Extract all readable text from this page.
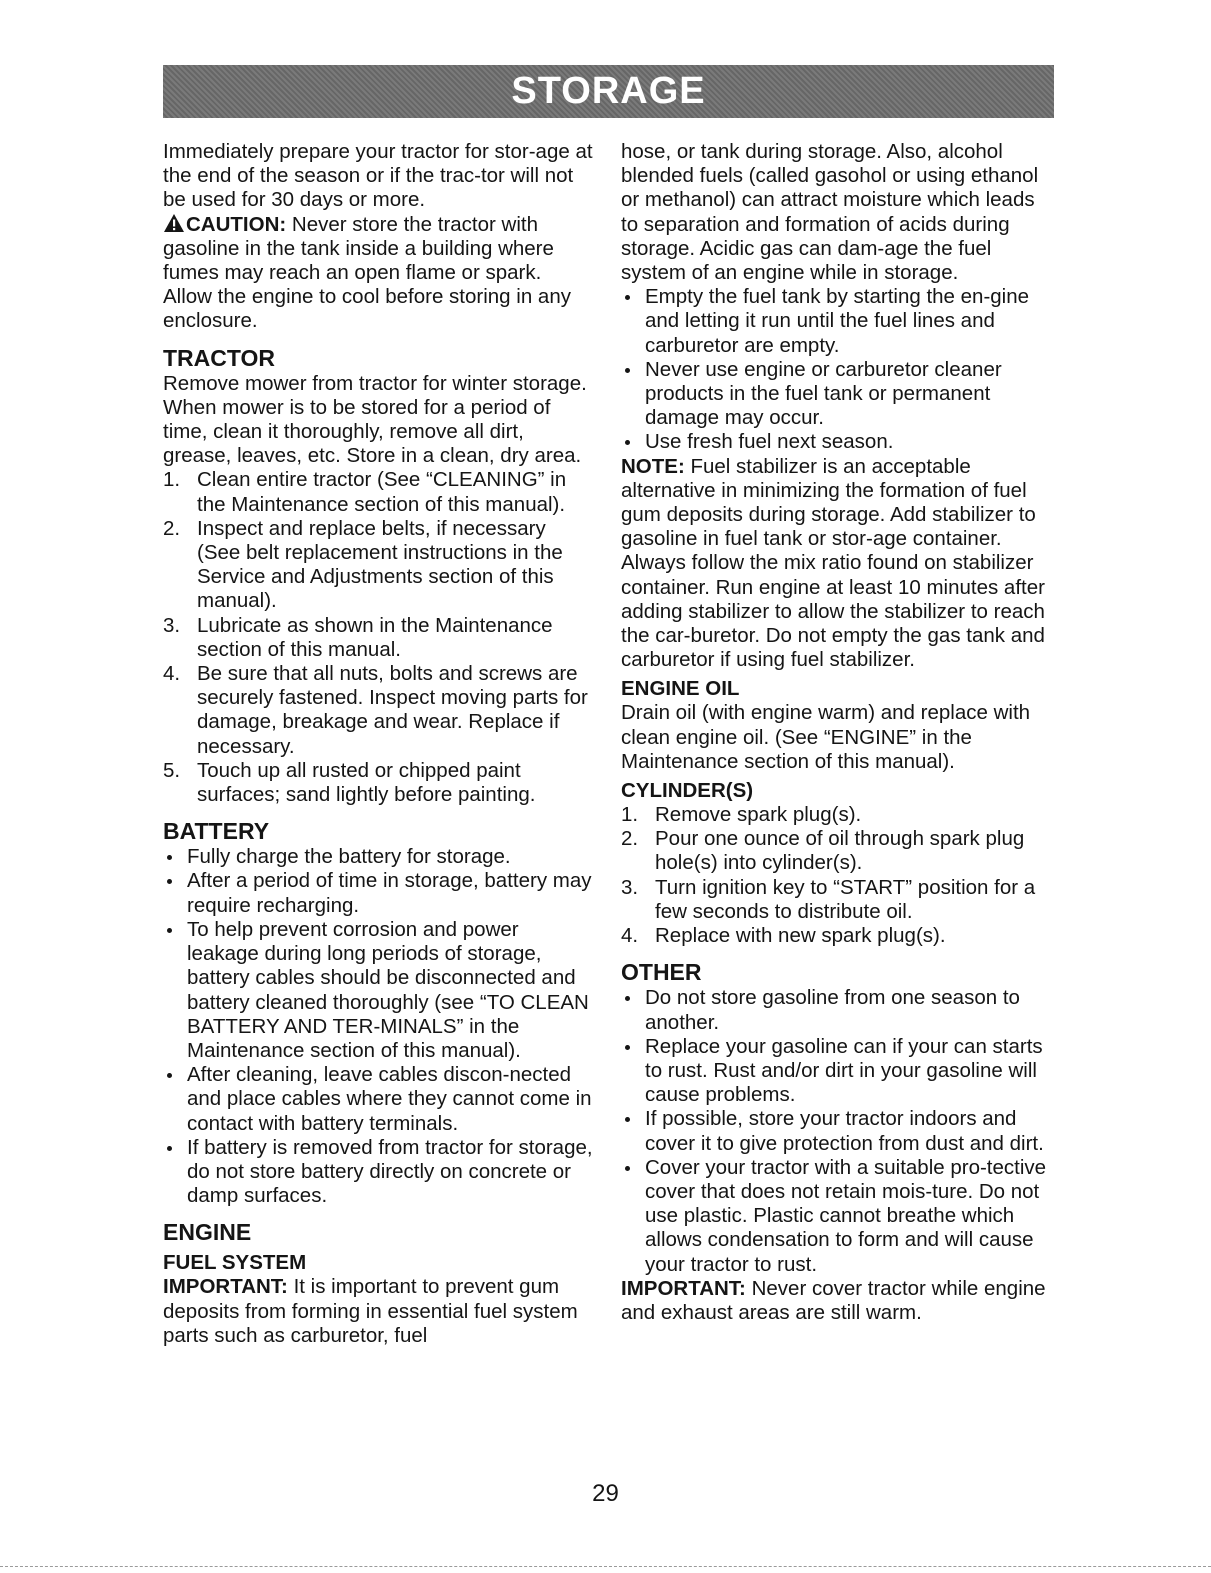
STORAGE

Immediately prepare your tractor for stor-age at the end of the season or if the trac-tor will not be used for 30 days or more.

CAUTION: Never store the tractor with gasoline in the tank inside a building where fumes may reach an open flame or spark. Allow the engine to cool before storing in any enclosure.

TRACTOR

Remove mower from tractor for winter storage. When mower is to be stored for a period of time, clean it thoroughly, remove all dirt, grease, leaves, etc. Store in a clean, dry area.

1. Clean entire tractor (See “CLEANING” in the Maintenance section of this manual).
2. Inspect and replace belts, if necessary (See belt replacement instructions in the Service and Adjustments section of this manual).
3. Lubricate as shown in the Maintenance section of this manual.
4. Be sure that all nuts, bolts and screws are securely fastened. Inspect moving parts for damage, breakage and wear. Replace if necessary.
5. Touch up all rusted or chipped paint surfaces; sand lightly before painting.
BATTERY
Fully charge the battery for storage.
After a period of time in storage, battery may require recharging.
To help prevent corrosion and power leakage during long periods of storage, battery cables should be disconnected and battery cleaned thoroughly (see “TO CLEAN BATTERY AND TER-MINALS” in the Maintenance section of this manual).
After cleaning, leave cables discon-nected and place cables where they cannot come in contact with battery terminals.
If battery is removed from tractor for storage, do not store battery directly on concrete or damp surfaces.
ENGINE
FUEL SYSTEM

IMPORTANT: It is important to prevent gum deposits from forming in essential fuel system parts such as carburetor, fuel

hose, or tank during storage. Also, alcohol blended fuels (called gasohol or using ethanol or methanol) can attract moisture which leads to separation and formation of acids during storage. Acidic gas can dam-age the fuel system of an engine while in storage.

Empty the fuel tank by starting the en-gine and letting it run until the fuel lines and carburetor are empty.
Never use engine or carburetor cleaner products in the fuel tank or permanent damage may occur.
Use fresh fuel next season.

NOTE: Fuel stabilizer is an acceptable alternative in minimizing the formation of fuel gum deposits during storage. Add stabilizer to gasoline in fuel tank or stor-age container. Always follow the mix ratio found on stabilizer container. Run engine at least 10 minutes after adding stabilizer to allow the stabilizer to reach the car-buretor. Do not empty the gas tank and carburetor if using fuel stabilizer.

ENGINE OIL

Drain oil (with engine warm) and replace with clean engine oil. (See “ENGINE” in the Maintenance section of this manual).

CYLINDER(S)
1. Remove spark plug(s).
2. Pour one ounce of oil through spark plug hole(s) into cylinder(s).
3. Turn ignition key to “START” position for a few seconds to distribute oil.
4. Replace with new spark plug(s).
OTHER
Do not store gasoline from one season to another.
Replace your gasoline can if your can starts to rust. Rust and/or dirt in your gasoline will cause problems.
If possible, store your tractor indoors and cover it to give protection from dust and dirt.
Cover your tractor with a suitable pro-tective cover that does not retain mois-ture. Do not use plastic. Plastic cannot breathe which allows condensation to form and will cause your tractor to rust.

IMPORTANT: Never cover tractor while engine and exhaust areas are still warm.

29
